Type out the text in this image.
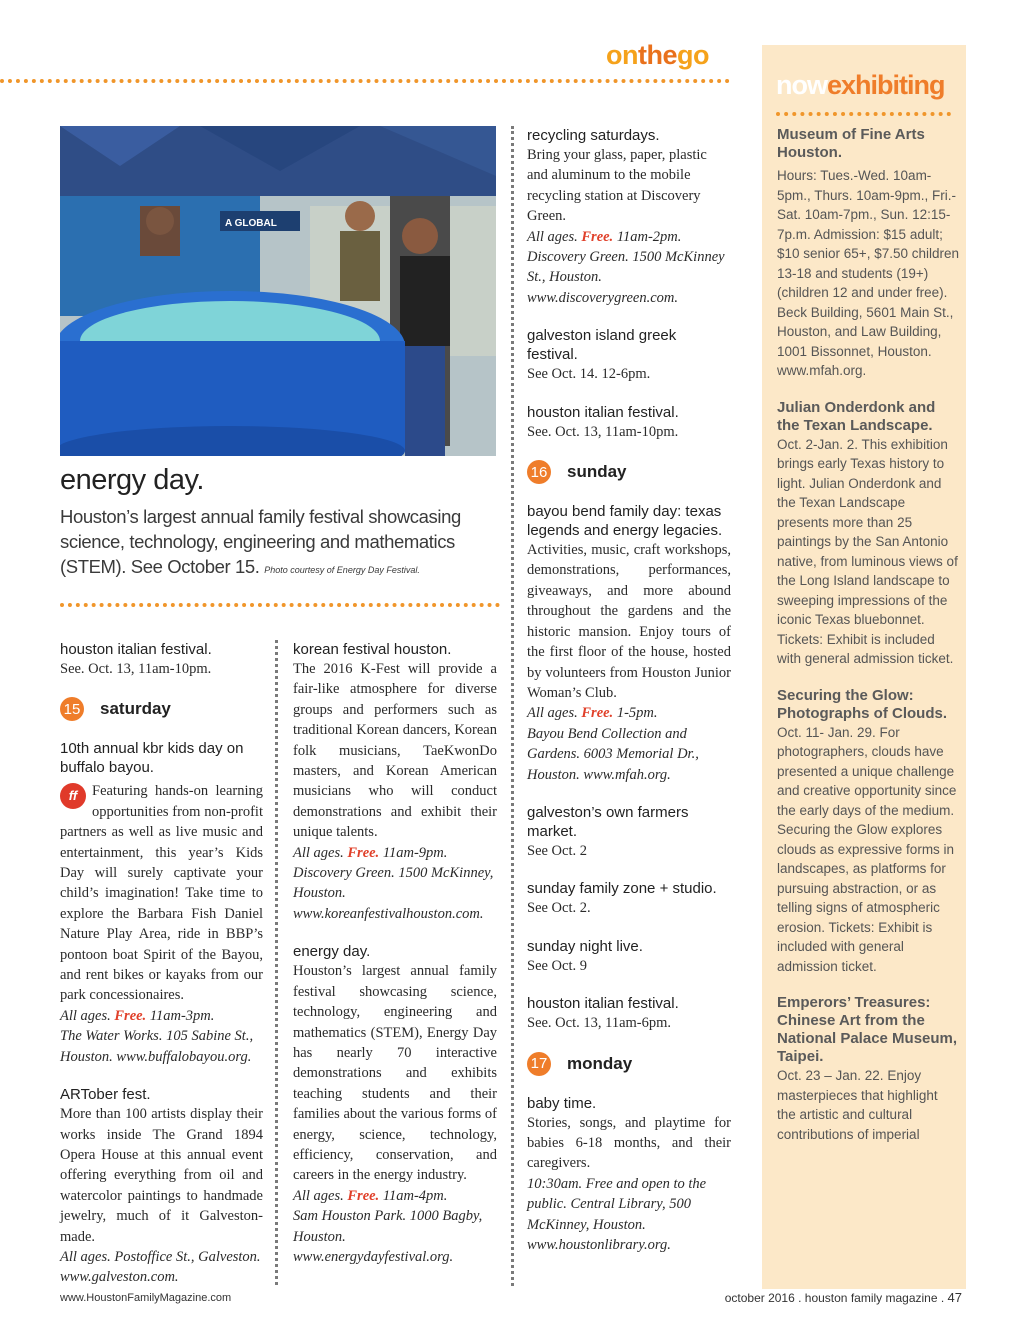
onthego
A GLOBAL
energy day.
Houston’s largest annual family festival showcasing science, technology, engineering and mathematics (STEM). See October 15. Photo courtesy of Energy Day Festival.
houston italian festival.
See. Oct. 13, 11am-10pm.
15 saturday
10th annual kbr kids day on buffalo bayou.
ff	Featuring hands-on learning opportunities from non-profit partners as well as live music and entertainment, this year’s Kids Day will surely captivate your child’s imagination! Take time to explore the Barbara Fish Daniel Nature Play Area, ride in BBP’s pontoon boat Spirit of the Bayou, and rent bikes or kayaks from our park concessionaires.
All ages. Free. 11am-3pm.
The Water Works. 105 Sabine St., Houston. www.buffalobayou.org.
ARTober fest.
More than 100 artists display their works inside The Grand 1894 Opera House at this annual event offering everything from oil and watercolor paintings to handmade jewelry, much of it Galveston-made.
All ages. Postoffice St., Galveston. www.galveston.com.
korean festival houston.
The 2016 K-Fest will provide a fair-like atmosphere for diverse groups and performers such as traditional Korean dancers, Korean folk musicians, TaeKwonDo masters, and Korean American musicians who will conduct demonstrations and exhibit their unique talents.
All ages. Free. 11am-9pm.
Discovery Green. 1500 McKinney, Houston. www.koreanfestivalhouston.com.
energy day.
Houston’s largest annual family festival showcasing science, technology, engineering and mathematics (STEM), Energy Day has nearly 70 interactive demonstrations and exhibits teaching students and their families about the various forms of energy, science, technology, efficiency, conservation, and careers in the energy industry.
All ages. Free. 11am-4pm.
Sam Houston Park. 1000 Bagby, Houston. www.energydayfestival.org.
recycling saturdays.
Bring your glass, paper, plastic and aluminum to the mobile recycling station at Discovery Green.
All ages. Free. 11am-2pm.
Discovery Green. 1500 McKinney St., Houston. www.discoverygreen.com.
galveston island greek festival.
See Oct. 14. 12-6pm.
houston italian festival.
See. Oct. 13, 11am-10pm.
16 sunday
bayou bend family day: texas legends and energy legacies.
Activities, music, craft workshops, demonstrations, performances, giveaways, and more abound throughout the gardens and the historic mansion. Enjoy tours of the first floor of the house, hosted by volunteers from Houston Junior Woman’s Club.
All ages. Free. 1-5pm.
Bayou Bend Collection and Gardens. 6003 Memorial Dr., Houston. www.mfah.org.
galveston’s own farmers market.
See Oct. 2
sunday family zone + studio.
See Oct. 2.
sunday night live.
See Oct. 9
houston italian festival.
See. Oct. 13, 11am-6pm.
17 monday
baby time.
Stories, songs, and playtime for babies 6-18 months, and their caregivers.
10:30am. Free and open to the public. Central Library, 500 McKinney, Houston. www.houstonlibrary.org.
nowexhibiting
Museum of Fine Arts Houston.
Hours: Tues.-Wed. 10am-5pm., Thurs. 10am-9pm., Fri.-Sat. 10am-7pm., Sun. 12:15-7p.m. Admission: $15 adult; $10 senior 65+, $7.50 children 13-18 and students (19+) (children 12 and under free). Beck Building, 5601 Main St., Houston, and Law Building, 1001 Bissonnet, Houston. www.mfah.org.
Julian Onderdonk and the Texan Landscape.
Oct. 2-Jan. 2. This exhibition brings early Texas history to light. Julian Onderdonk and the Texan Landscape presents more than 25 paintings by the San Antonio native, from luminous views of the Long Island landscape to sweeping impressions of the iconic Texas bluebonnet. Tickets: Exhibit is included with general admission ticket.
Securing the Glow: Photographs of Clouds.
Oct. 11- Jan. 29. For photographers, clouds have presented a unique challenge and creative opportunity since the early days of the medium. Securing the Glow explores clouds as expressive forms in landscapes, as platforms for pursuing abstraction, or as telling signs of atmospheric erosion. Tickets: Exhibit is included with general admission ticket.
Emperors’ Treasures: Chinese Art from the National Palace Museum, Taipei.
Oct. 23 – Jan. 22. Enjoy masterpieces that highlight the artistic and cultural contributions of imperial
www.HoustonFamilyMagazine.com	october 2016 . houston family magazine . 47
